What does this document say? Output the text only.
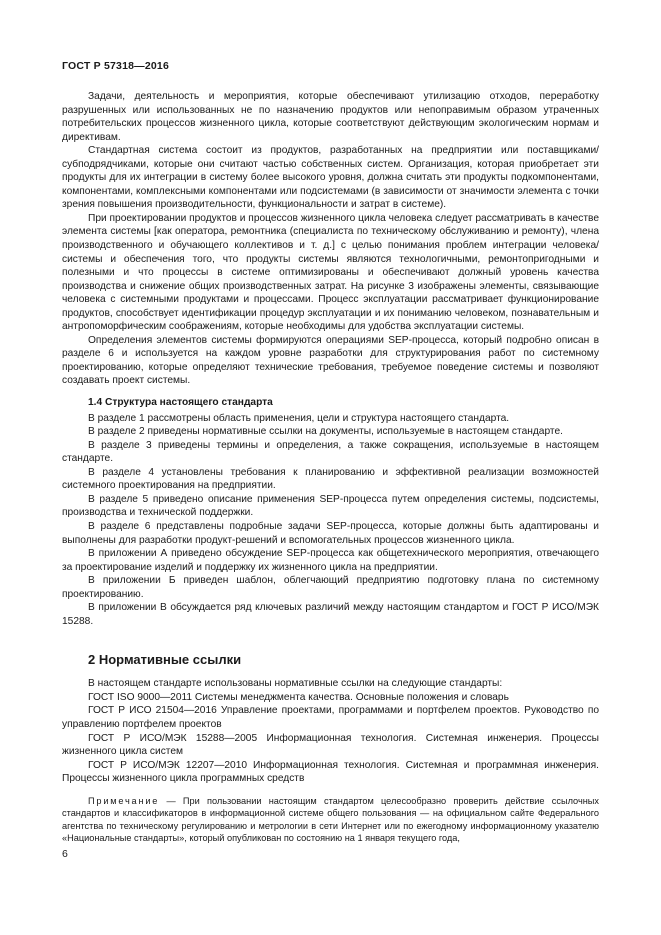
ГОСТ Р 57318—2016

Задачи, деятельность и мероприятия, которые обеспечивают утилизацию отходов, переработку разрушенных или использованных не по назначению продуктов или непоправимым образом утраченных потребительских процессов жизненного цикла, которые соответствуют действующим экологическим нормам и директивам.

Стандартная система состоит из продуктов, разработанных на предприятии или поставщиками/субподрядчиками, которые они считают частью собственных систем. Организация, которая приобретает эти продукты для их интеграции в систему более высокого уровня, должна считать эти продукты подкомпонентами, компонентами, комплексными компонентами или подсистемами (в зависимости от значимости элемента с точки зрения повышения производительности, функциональности и затрат в системе).

При проектировании продуктов и процессов жизненного цикла человека следует рассматривать в качестве элемента системы [как оператора, ремонтника (специалиста по техническому обслуживанию и ремонту), члена производственного и обучающего коллективов и т. д.] с целью понимания проблем интеграции человека/системы и обеспечения того, что продукты системы являются технологичными, ремонтопригодными и полезными и что процессы в системе оптимизированы и обеспечивают должный уровень качества производства и снижение общих производственных затрат. На рисунке 3 изображены элементы, связывающие человека с системными продуктами и процессами. Процесс эксплуатации рассматривает функционирование продуктов, способствует идентификации процедур эксплуатации и их пониманию человеком, познавательным и антропоморфическим соображениям, которые необходимы для удобства эксплуатации системы.

Определения элементов системы формируются операциями SEP-процесса, который подробно описан в разделе 6 и используется на каждом уровне разработки для структурирования работ по системному проектированию, которые определяют технические требования, требуемое поведение системы и позволяют создавать проект системы.

1.4 Структура настоящего стандарта

В разделе 1 рассмотрены область применения, цели и структура настоящего стандарта.

В разделе 2 приведены нормативные ссылки на документы, используемые в настоящем стандарте.

В разделе 3 приведены термины и определения, а также сокращения, используемые в настоящем стандарте.

В разделе 4 установлены требования к планированию и эффективной реализации возможностей системного проектирования на предприятии.

В разделе 5 приведено описание применения SEP-процесса путем определения системы, подсистемы, производства и технической поддержки.

В разделе 6 представлены подробные задачи SEP-процесса, которые должны быть адаптированы и выполнены для разработки продукт-решений и вспомогательных процессов жизненного цикла.

В приложении А приведено обсуждение SEP-процесса как общетехнического мероприятия, отвечающего за проектирование изделий и поддержку их жизненного цикла на предприятии.

В приложении Б приведен шаблон, облегчающий предприятию подготовку плана по системному проектированию.

В приложении В обсуждается ряд ключевых различий между настоящим стандартом и ГОСТ Р ИСО/МЭК 15288.

2 Нормативные ссылки

В настоящем стандарте использованы нормативные ссылки на следующие стандарты:

ГОСТ ISO 9000—2011 Системы менеджмента качества. Основные положения и словарь

ГОСТ Р ИСО 21504—2016 Управление проектами, программами и портфелем проектов. Руководство по управлению портфелем проектов

ГОСТ Р ИСО/МЭК 15288—2005 Информационная технология. Системная инженерия. Процессы жизненного цикла систем

ГОСТ Р ИСО/МЭК 12207—2010 Информационная технология. Системная и программная инженерия. Процессы жизненного цикла программных средств

Примечание — При пользовании настоящим стандартом целесообразно проверить действие ссылочных стандартов и классификаторов в информационной системе общего пользования — на официальном сайте Федерального агентства по техническому регулированию и метрологии в сети Интернет или по ежегодному информационному указателю «Национальные стандарты», который опубликован по состоянию на 1 января текущего года,
6
